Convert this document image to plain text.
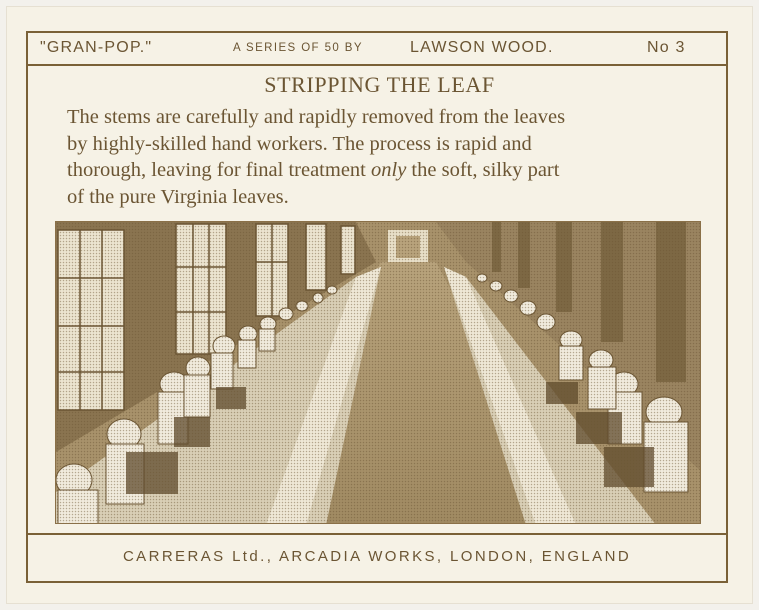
"GRAN-POP."	A SERIES OF 50 BY	LAWSON WOOD.	No 3
STRIPPING THE LEAF
The stems are carefully and rapidly removed from the leaves
by highly-skilled hand workers. The process is rapid and
thorough, leaving for final treatment only the soft, silky part
of the pure Virginia leaves.
CARRERAS Ltd., ARCADIA WORKS, LONDON, ENGLAND
